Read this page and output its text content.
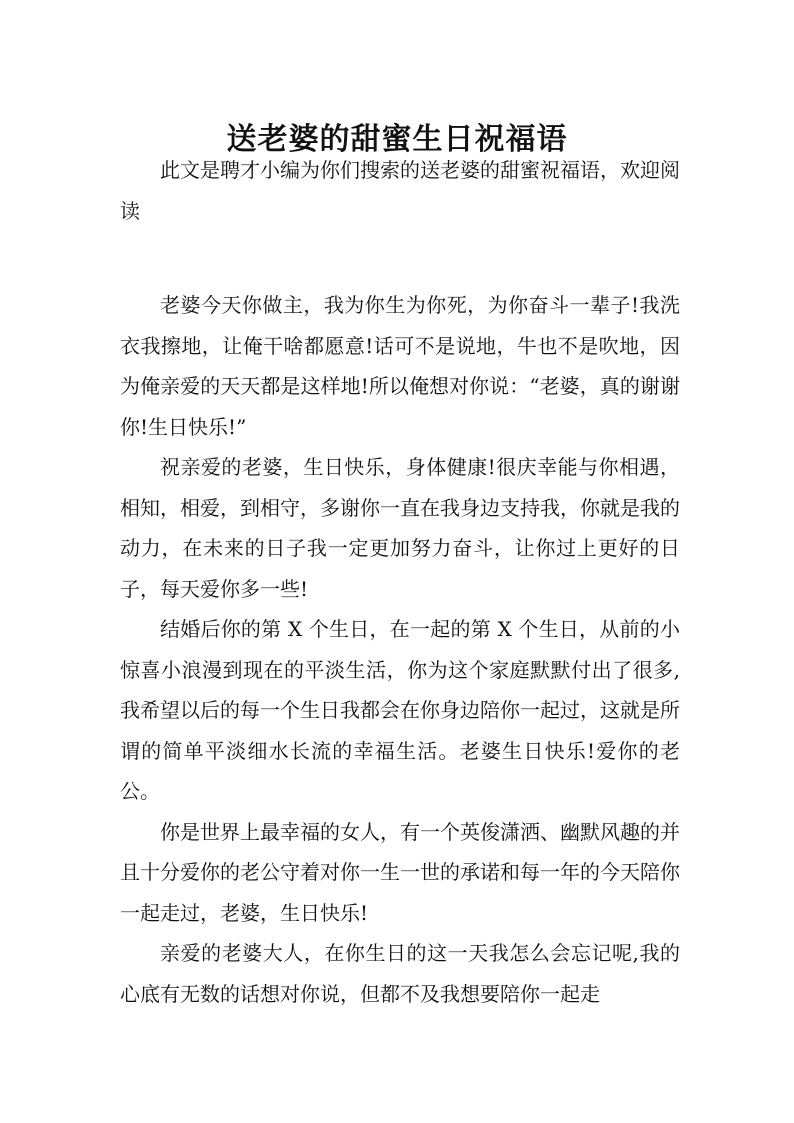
送老婆的甜蜜生日祝福语

此文是聘才小编为你们搜索的送老婆的甜蜜祝福语，欢迎阅读

老婆今天你做主，我为你生为你死，为你奋斗一辈子!我洗衣我擦地，让俺干啥都愿意!话可不是说地，牛也不是吹地，因为俺亲爱的天天都是这样地!所以俺想对你说：“老婆，真的谢谢你!生日快乐!”

祝亲爱的老婆，生日快乐，身体健康!很庆幸能与你相遇，相知，相爱，到相守，多谢你一直在我身边支持我，你就是我的动力，在未来的日子我一定更加努力奋斗，让你过上更好的日子，每天爱你多一些!

结婚后你的第 X 个生日，在一起的第 X 个生日，从前的小惊喜小浪漫到现在的平淡生活，你为这个家庭默默付出了很多,我希望以后的每一个生日我都会在你身边陪你一起过，这就是所谓的简单平淡细水长流的幸福生活。老婆生日快乐!爱你的老公。

你是世界上最幸福的女人，有一个英俊潇洒、幽默风趣的并且十分爱你的老公守着对你一生一世的承诺和每一年的今天陪你一起走过，老婆，生日快乐!

亲爱的老婆大人，在你生日的这一天我怎么会忘记呢,我的心底有无数的话想对你说，但都不及我想要陪你一起走
